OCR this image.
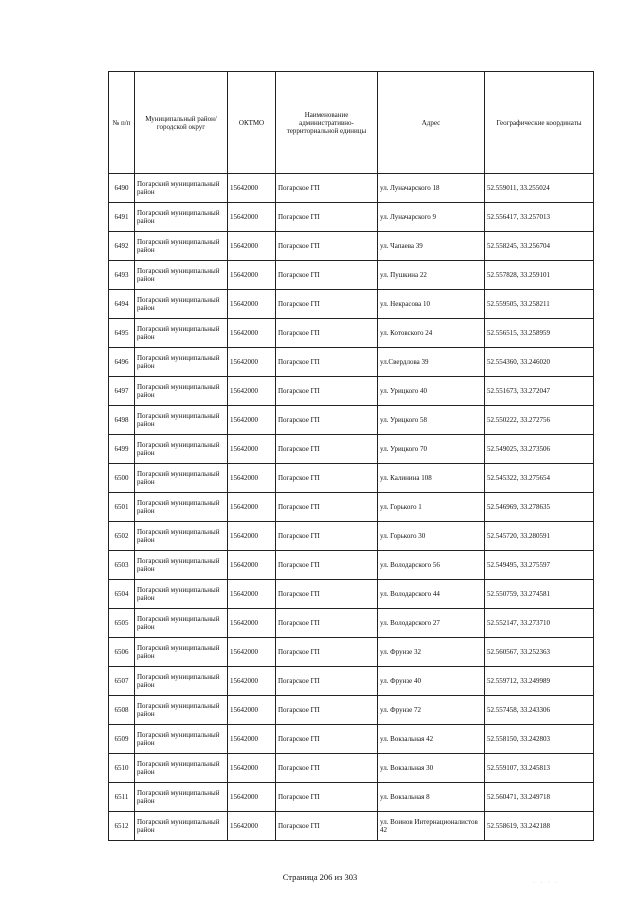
№ п/п	Муниципальный район/городской округ	ОКТМО	Наименование административно-территориальной единицы	Адрес	Географические координаты
6490	Погарский муниципальный район	15642000	Погарское ГП	ул. Луначарского 18	52.559011, 33.255024
6491	Погарский муниципальный район	15642000	Погарское ГП	ул. Луначарского 9	52.556417, 33.257013
6492	Погарский муниципальный район	15642000	Погарское ГП	ул. Чапаева 39	52.558245, 33.256704
6493	Погарский муниципальный район	15642000	Погарское ГП	ул. Пушкина 22	52.557828, 33.259101
6494	Погарский муниципальный район	15642000	Погарское ГП	ул. Некрасова 10	52.559505, 33.258211
6495	Погарский муниципальный район	15642000	Погарское ГП	ул. Котовского 24	52.556515, 33.258959
6496	Погарский муниципальный район	15642000	Погарское ГП	ул.Свердлова 39	52.554360, 33.246020
6497	Погарский муниципальный район	15642000	Погарское ГП	ул. Урицкого 40	52.551673, 33.272047
6498	Погарский муниципальный район	15642000	Погарское ГП	ул. Урицкого 58	52.550222, 33.272756
6499	Погарский муниципальный район	15642000	Погарское ГП	ул. Урицкого 70	52.549025, 33.273506
6500	Погарский муниципальный район	15642000	Погарское ГП	ул. Калинина 108	52.545322, 33.275654
6501	Погарский муниципальный район	15642000	Погарское ГП	ул. Горького 1	52.546969, 33.278635
6502	Погарский муниципальный район	15642000	Погарское ГП	ул. Горького 30	52.545720, 33.280591
6503	Погарский муниципальный район	15642000	Погарское ГП	ул. Володарского 56	52.549495, 33.275597
6504	Погарский муниципальный район	15642000	Погарское ГП	ул. Володарского 44	52.550759, 33.274581
6505	Погарский муниципальный район	15642000	Погарское ГП	ул. Володарского 27	52.552147, 33.273710
6506	Погарский муниципальный район	15642000	Погарское ГП	ул. Фрунзе 32	52.560567, 33.252363
6507	Погарский муниципальный район	15642000	Погарское ГП	ул. Фрунзе 40	52.559712, 33.249989
6508	Погарский муниципальный район	15642000	Погарское ГП	ул. Фрунзе 72	52.557458, 33.243306
6509	Погарский муниципальный район	15642000	Погарское ГП	ул. Вокзальная 42	52.558150, 33.242803
6510	Погарский муниципальный район	15642000	Погарское ГП	ул. Вокзальная 30	52.559107, 33.245813
6511	Погарский муниципальный район	15642000	Погарское ГП	ул. Вокзальная 8	52.560471, 33.249718
6512	Погарский муниципальный район	15642000	Погарское ГП	ул. Воинов Интернационалистов 42	52.558619, 33.242188
Страница 206 из 303
· · · ·
